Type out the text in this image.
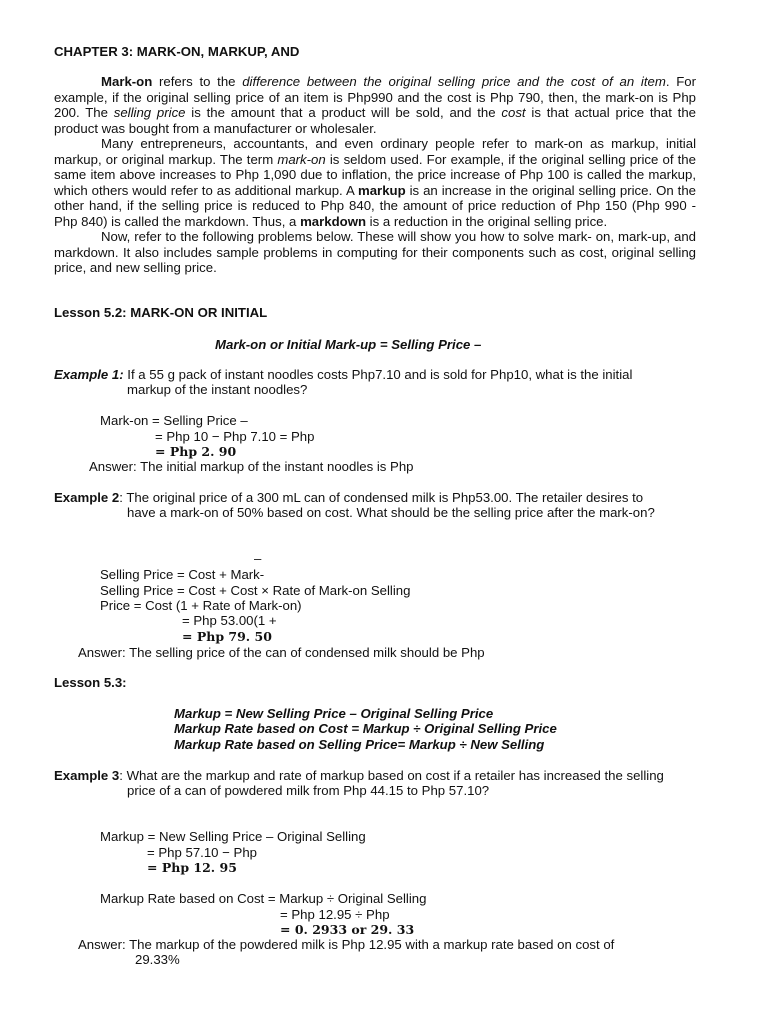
CHAPTER 3: MARK-ON, MARKUP, AND

Mark-on refers to the difference between the original selling price and the cost of an item. For example, if the original selling price of an item is Php990 and the cost is Php 790, then, the mark-on is Php 200. The selling price is the amount that a product will be sold, and the cost is that actual price that the product was bought from a manufacturer or wholesaler.

Many entrepreneurs, accountants, and even ordinary people refer to mark-on as markup, initial markup, or original markup. The term mark-on is seldom used. For example, if the original selling price of the same item above increases to Php 1,090 due to inflation, the price increase of Php 100 is called the markup, which others would refer to as additional markup. A markup is an increase in the original selling price. On the other hand, if the selling price is reduced to Php 840, the amount of price reduction of Php 150 (Php 990 - Php 840) is called the markdown. Thus, a markdown is a reduction in the original selling price.

Now, refer to the following problems below. These will show you how to solve mark- on, mark-up, and markdown. It also includes sample problems in computing for their components such as cost, original selling price, and new selling price.

Lesson 5.2: MARK-ON OR INITIAL
Mark-on or Initial Mark-up = Selling Price –
Example 1: If a 55 g pack of instant noodles costs Php7.10 and is sold for Php10, what is the initial
markup of the instant noodles?
Mark-on = Selling Price –
= Php 10 − Php 7.10 = Php
= Php 2. 90
Answer: The initial markup of the instant noodles is Php
Example 2: The original price of a 300 mL can of condensed milk is Php53.00. The retailer desires to
have a mark-on of 50% based on cost. What should be the selling price after the mark-on?
–
Selling Price = Cost + Mark-
Selling Price = Cost + Cost × Rate of Mark-on Selling
Price = Cost (1 + Rate of Mark-on)
= Php 53.00(1 +
= Php 79. 50
Answer: The selling price of the can of condensed milk should be Php
Lesson 5.3:
Markup = New Selling Price – Original Selling Price
Markup Rate based on Cost = Markup ÷ Original Selling Price
Markup Rate based on Selling Price= Markup ÷ New Selling
Example 3: What are the markup and rate of markup based on cost if a retailer has increased the selling
price of a can of powdered milk from Php 44.15 to Php 57.10?
Markup = New Selling Price – Original Selling
= Php 57.10 − Php
= Php 12. 95
Markup Rate based on Cost = Markup ÷ Original Selling
= Php 12.95 ÷ Php
= 0. 2933 or 29. 33
Answer: The markup of the powdered milk is Php 12.95 with a markup rate based on cost of
29.33%
